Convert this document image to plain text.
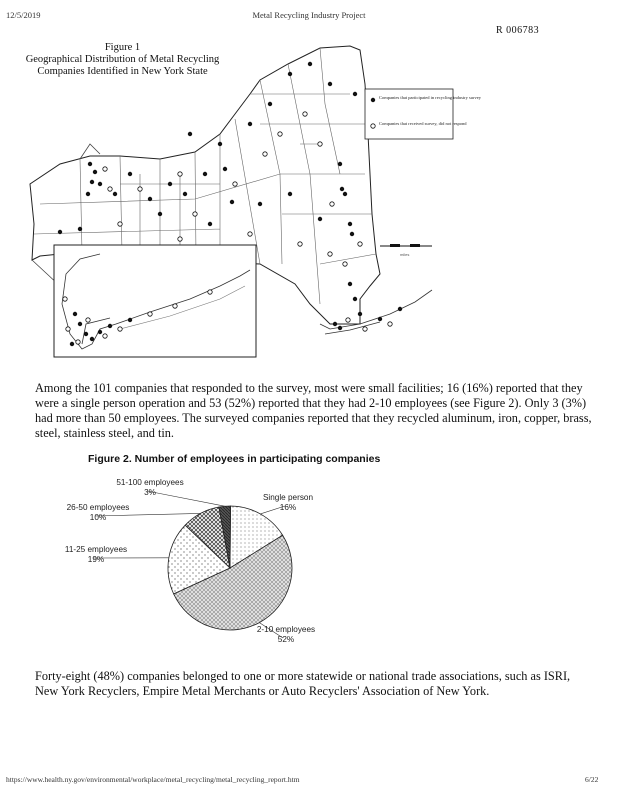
12/5/2019	Metal Recycling Industry Project
R 006783
Companies that participated in recycling industry survey
Companies that received survey, did not respond
miles
Figure 1
Geographical Distribution of Metal Recycling
Companies Identified in New York State
Among the 101 companies that responded to the survey, most were small facilities; 16 (16%) reported that they were a single person operation and 53 (52%) reported that they had 2-10 employees (see Figure 2). Only 3 (3%) had more than 50 employees. The surveyed companies reported that they recycled aluminum, iron, copper, brass, steel, stainless steel, and tin.
Figure 2. Number of employees in participating companies
Single person
16%
2-10 employees
52%
11-25 employees
19%
26-50 employees
10%
51-100 employees
3%
Forty-eight (48%) companies belonged to one or more statewide or national trade associations, such as ISRI, New York Recyclers, Empire Metal Merchants or Auto Recyclers' Association of New York.
https://www.health.ny.gov/environmental/workplace/metal_recycling/metal_recycling_report.htm	6/22
